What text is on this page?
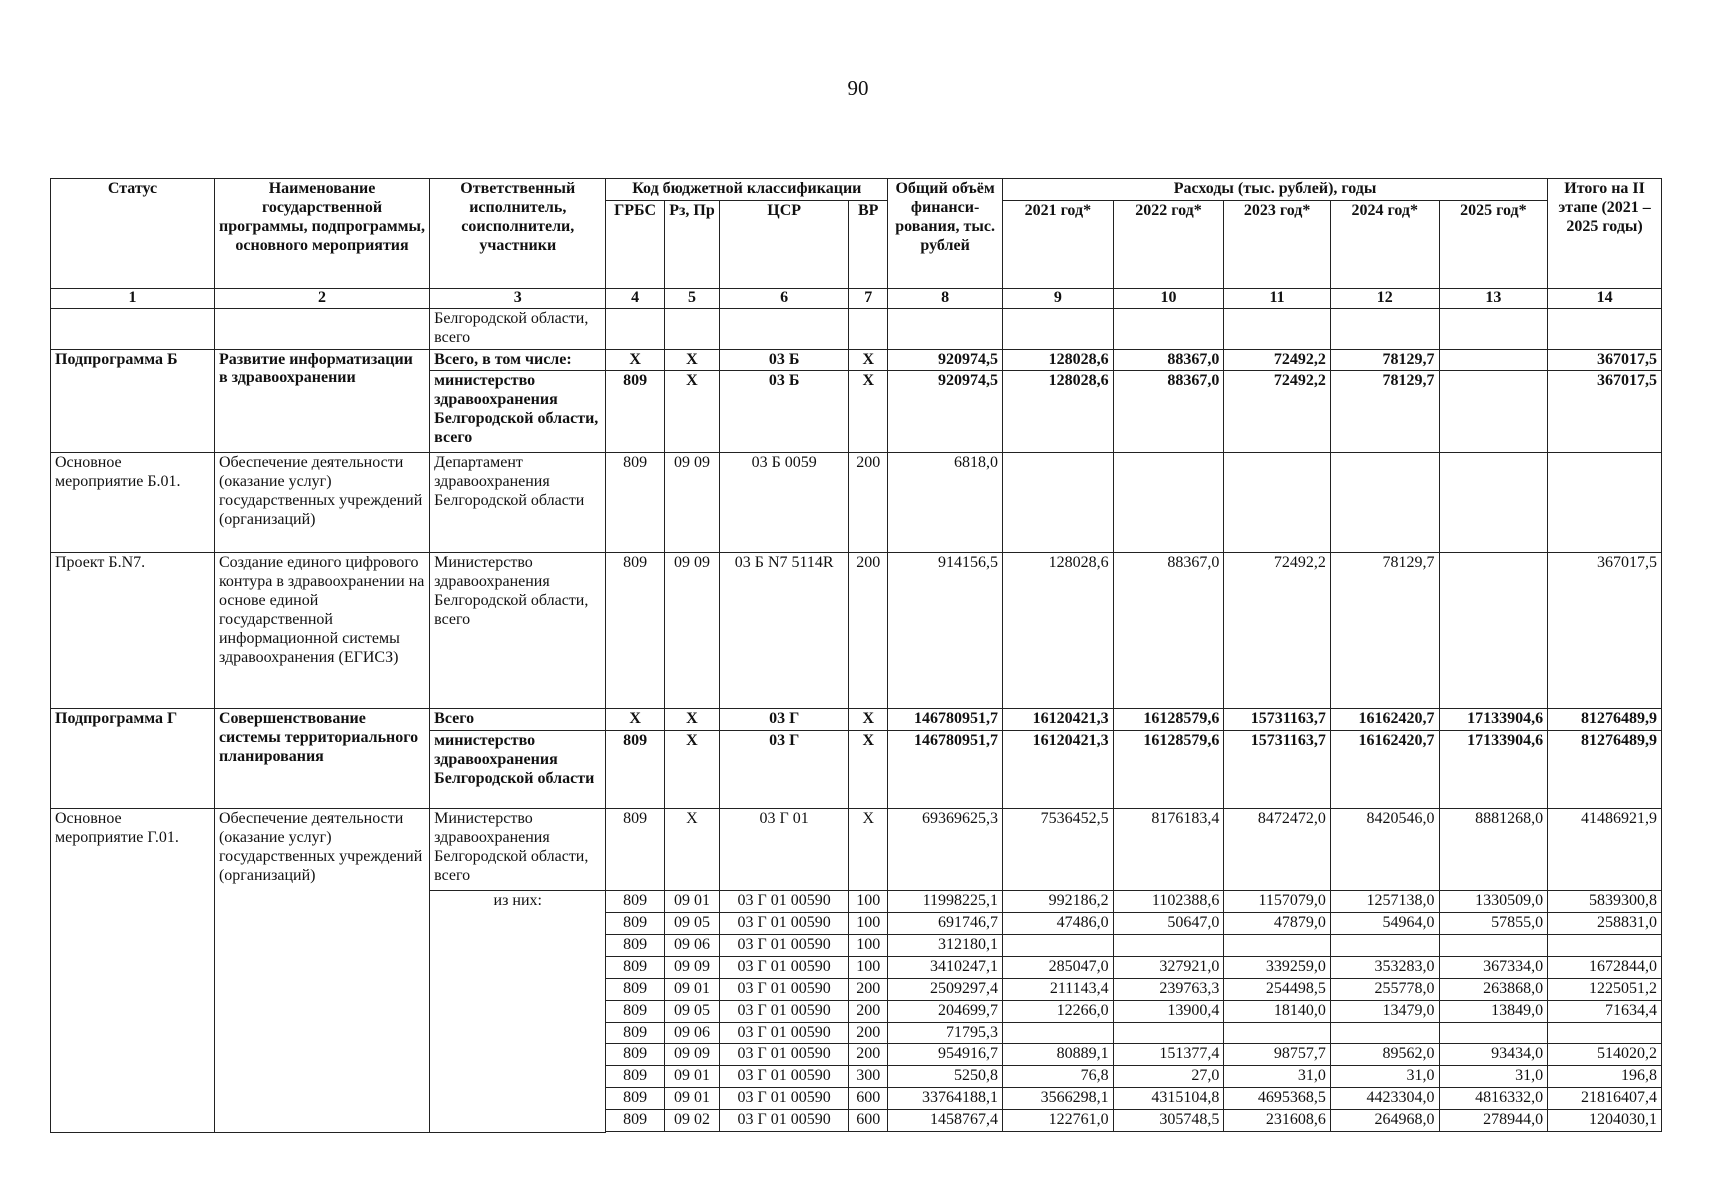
90
Статус	Наименование государственной программы, подпрограммы, основного мероприятия	Ответственный исполнитель, соисполнители, участники	Код бюджетной классификации				Общий объём финанси-рования, тыс. рублей	Расходы (тыс. рублей), годы					Итого на II этапе (2021 – 2025 годы)
			ГРБС	Рз, Пр	ЦСР	ВР		2021 год*	2022 год*	2023 год*	2024 год*	2025 год*	
1	2	3	4	5	6	7	8	9	10	11	12	13	14
		Белгородской области, всего											
Подпрограмма Б	Развитие информатизации в здравоохранении	Всего, в том числе:	Х	Х	03 Б	Х	920974,5	128028,6	88367,0	72492,2	78129,7		367017,5
		министерство здравоохранения Белгородской области, всего	809	Х	03 Б	Х	920974,5	128028,6	88367,0	72492,2	78129,7		367017,5
Основное мероприятие Б.01.	Обеспечение деятельности (оказание услуг) государственных учреждений (организаций)	Департамент здравоохранения Белгородской области	809	09 09	03 Б 0059	200	6818,0						
Проект Б.N7.	Создание единого цифрового контура в здравоохранении на основе единой государственной информационной системы здравоохранения (ЕГИСЗ)	Министерство здравоохранения Белгородской области, всего	809	09 09	03 Б N7 5114R	200	914156,5	128028,6	88367,0	72492,2	78129,7		367017,5
Подпрограмма Г	Совершенствование системы территориального планирования	Всего	Х	Х	03 Г	Х	146780951,7	16120421,3	16128579,6	15731163,7	16162420,7	17133904,6	81276489,9
		министерство здравоохранения Белгородской области	809	Х	03 Г	Х	146780951,7	16120421,3	16128579,6	15731163,7	16162420,7	17133904,6	81276489,9
Основное мероприятие Г.01.	Обеспечение деятельности (оказание услуг) государственных учреждений (организаций)	Министерство здравоохранения Белгородской области, всего	809	Х	03 Г 01	Х	69369625,3	7536452,5	8176183,4	8472472,0	8420546,0	8881268,0	41486921,9
		из них:	809	09 01	03 Г 01 00590	100	11998225,1	992186,2	1102388,6	1157079,0	1257138,0	1330509,0	5839300,8
			809	09 05	03 Г 01 00590	100	691746,7	47486,0	50647,0	47879,0	54964,0	57855,0	258831,0
			809	09 06	03 Г 01 00590	100	312180,1						
			809	09 09	03 Г 01 00590	100	3410247,1	285047,0	327921,0	339259,0	353283,0	367334,0	1672844,0
			809	09 01	03 Г 01 00590	200	2509297,4	211143,4	239763,3	254498,5	255778,0	263868,0	1225051,2
			809	09 05	03 Г 01 00590	200	204699,7	12266,0	13900,4	18140,0	13479,0	13849,0	71634,4
			809	09 06	03 Г 01 00590	200	71795,3						
			809	09 09	03 Г 01 00590	200	954916,7	80889,1	151377,4	98757,7	89562,0	93434,0	514020,2
			809	09 01	03 Г 01 00590	300	5250,8	76,8	27,0	31,0	31,0	31,0	196,8
			809	09 01	03 Г 01 00590	600	33764188,1	3566298,1	4315104,8	4695368,5	4423304,0	4816332,0	21816407,4
			809	09 02	03 Г 01 00590	600	1458767,4	122761,0	305748,5	231608,6	264968,0	278944,0	1204030,1
